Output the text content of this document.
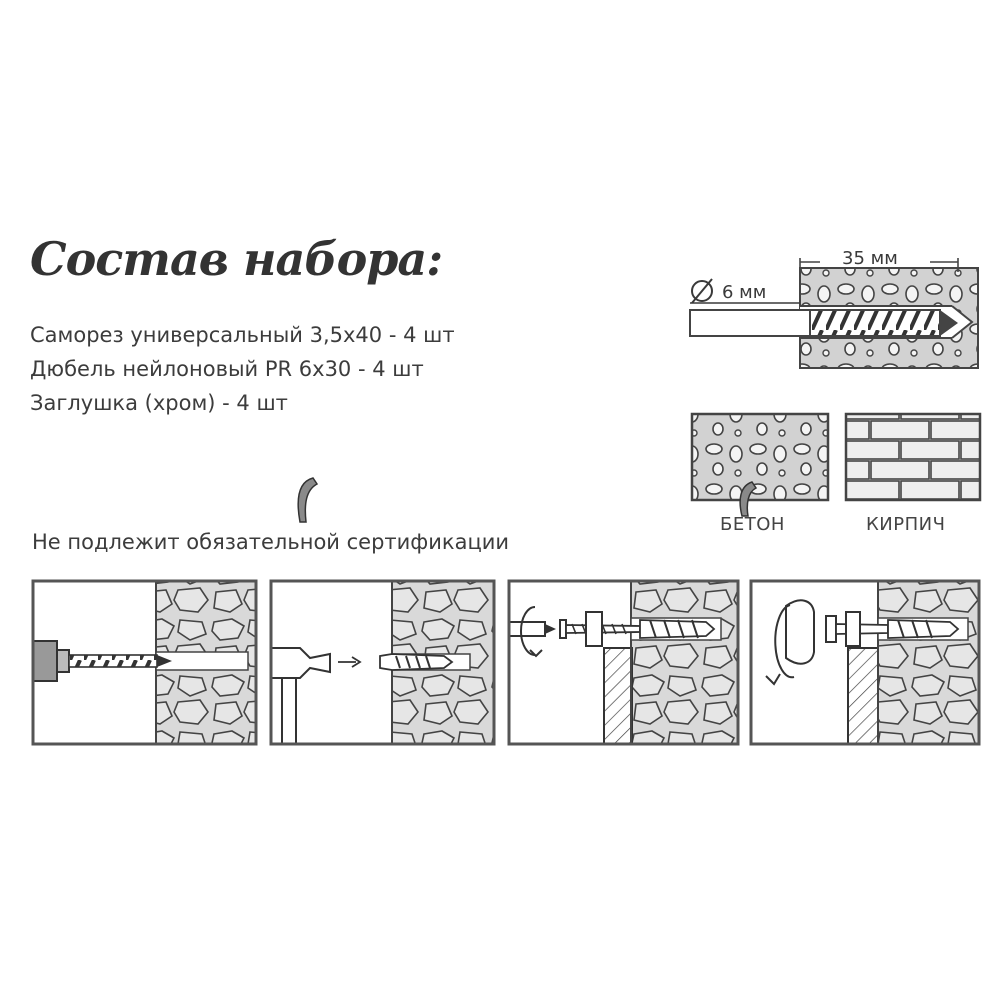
Состав набора:
Саморез универсальный 3,5x40 - 4 шт
Дюбель нейлоновый PR 6x30 - 4 шт
Заглушка (хром) - 4 шт
Не подлежит обязательной сертификации
35 мм
6 мм
БЕТОН	КИРПИЧ
